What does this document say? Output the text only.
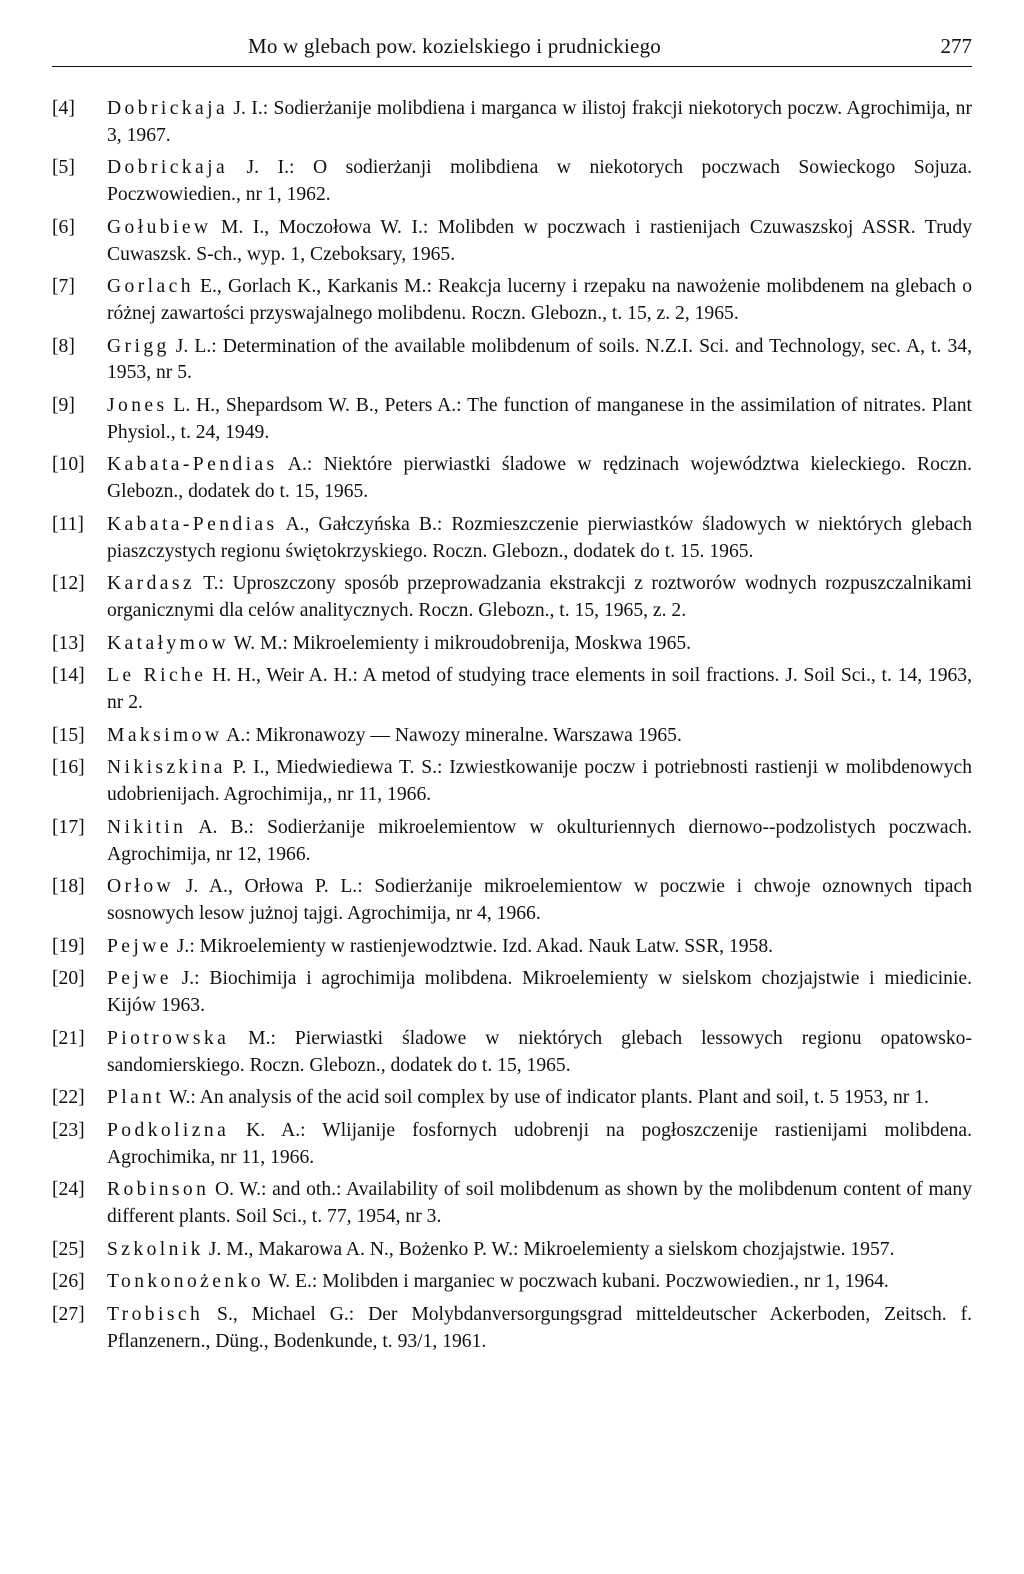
Mo w glebach pow. kozielskiego i prudnickiego	277
[4]	Dobrickaja J. I.: Sodierżanije molibdiena i marganca w ilistoj frakcji niekotorych poczw. Agrochimija, nr 3, 1967.
[5]	Dobrickaja J. I.: O sodierżanji molibdiena w niekotorych poczwach Sowieckogo Sojuza. Poczwowiedien., nr 1, 1962.
[6]	Gołubiew M. I., Moczołowa W. I.: Molibden w poczwach i rastienijach Czuwaszskoj ASSR. Trudy Cuwaszsk. S-ch., wyp. 1, Czeboksary, 1965.
[7]	Gorlach E., Gorlach K., Karkanis M.: Reakcja lucerny i rzepaku na nawożenie molibdenem na glebach o różnej zawartości przyswajalnego molibdenu. Roczn. Glebozn., t. 15, z. 2, 1965.
[8]	Grigg J. L.: Determination of the available molibdenum of soils. N.Z.I. Sci. and Technology, sec. A, t. 34, 1953, nr 5.
[9]	Jones L. H., Shepardsom W. B., Peters A.: The function of manganese in the assimilation of nitrates. Plant Physiol., t. 24, 1949.
[10]	Kabata-Pendias A.: Niektóre pierwiastki śladowe w rędzinach województwa kieleckiego. Roczn. Glebozn., dodatek do t. 15, 1965.
[11]	Kabata-Pendias A., Gałczyńska B.: Rozmieszczenie pierwiastków śladowych w niektórych glebach piaszczystych regionu świętokrzyskiego. Roczn. Glebozn., dodatek do t. 15. 1965.
[12]	Kardasz T.: Uproszczony sposób przeprowadzania ekstrakcji z roztworów wodnych rozpuszczalnikami organicznymi dla celów analitycznych. Roczn. Glebozn., t. 15, 1965, z. 2.
[13]	Katałymow W. M.: Mikroelemienty i mikroudobrenija, Moskwa 1965.
[14]	Le Riche H. H., Weir A. H.: A metod of studying trace elements in soil fractions. J. Soil Sci., t. 14, 1963, nr 2.
[15]	Maksimow A.: Mikronawozy — Nawozy mineralne. Warszawa 1965.
[16]	Nikiszkina P. I., Miedwiediewa T. S.: Izwiestkowanije poczw i potriebnosti rastienji w molibdenowych udobrienijach. Agrochimija,, nr 11, 1966.
[17]	Nikitin A. B.: Sodierżanije mikroelemientow w okulturiennych diernowo--podzolistych poczwach. Agrochimija, nr 12, 1966.
[18]	Orłow J. A., Orłowa P. L.: Sodierżanije mikroelemientow w poczwie i chwoje oznownych tipach sosnowych lesow jużnoj tajgi. Agrochimija, nr 4, 1966.
[19]	Pejwe J.: Mikroelemienty w rastienjewodztwie. Izd. Akad. Nauk Latw. SSR, 1958.
[20]	Pejwe J.: Biochimija i agrochimija molibdena. Mikroelemienty w sielskom chozjajstwie i miedicinie. Kijów 1963.
[21]	Piotrowska M.: Pierwiastki śladowe w niektórych glebach lessowych regionu opatowsko-sandomierskiego. Roczn. Glebozn., dodatek do t. 15, 1965.
[22]	Plant W.: An analysis of the acid soil complex by use of indicator plants. Plant and soil, t. 5 1953, nr 1.
[23]	Podkolizna K. A.: Wlijanije fosfornych udobrenji na pogłoszczenije rastienijami molibdena. Agrochimika, nr 11, 1966.
[24]	Robinson O. W.: and oth.: Availability of soil molibdenum as shown by the molibdenum content of many different plants. Soil Sci., t. 77, 1954, nr 3.
[25]	Szkolnik J. M., Makarowa A. N., Bożenko P. W.: Mikroelemienty a sielskom chozjajstwie. 1957.
[26]	Tonkonożenko W. E.: Molibden i marganiec w poczwach kubani. Poczwowiedien., nr 1, 1964.
[27]	Trobisch S., Michael G.: Der Molybdanversorgungsgrad mitteldeutscher Ackerboden, Zeitsch. f. Pflanzenern., Düng., Bodenkunde, t. 93/1, 1961.
